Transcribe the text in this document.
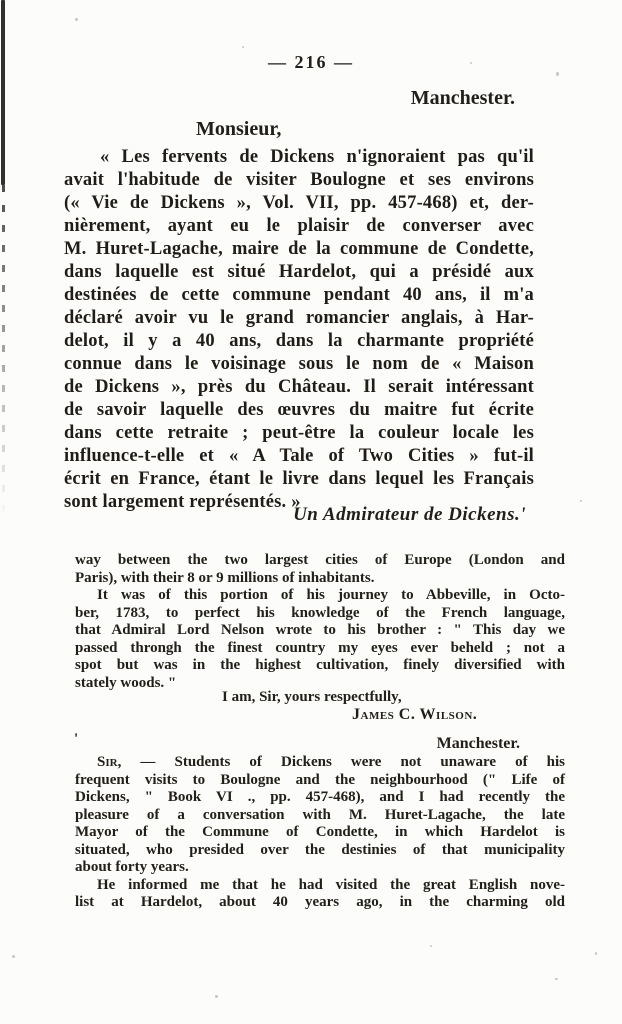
— 216 —
Manchester.
Monsieur,
« Les fervents de Dickens n'ignoraient pas qu'il
avait l'habitude de visiter Boulogne et ses environs
(« Vie de Dickens », Vol. VII, pp. 457-468) et, der-
nièrement, ayant eu le plaisir de converser avec
M. Huret-Lagache, maire de la commune de Condette,
dans laquelle est situé Hardelot, qui a présidé aux
destinées de cette commune pendant 40 ans, il m'a
déclaré avoir vu le grand romancier anglais, à Har-
delot, il y a 40 ans, dans la charmante propriété
connue dans le voisinage sous le nom de « Maison
de Dickens », près du Château. Il serait intéressant
de savoir laquelle des œuvres du maitre fut écrite
dans cette retraite ; peut-être la couleur locale les
influence-t-elle et « A Tale of Two Cities » fut-il
écrit en France, étant le livre dans lequel les Français
sont largement représentés. »
Un Admirateur de Dickens.'
way between the two largest cities of Europe (London and
Paris), with their 8 or 9 millions of inhabitants.
It was of this portion of his journey to Abbeville, in Octo-
ber, 1783, to perfect his knowledge of the French language,
that Admiral Lord Nelson wrote to his brother : " This day we
passed throngh the finest country my eyes ever beheld ; not a
spot but was in the highest cultivation, finely diversified with
stately woods. "
I am, Sir, yours respectfully,
James C. Wilson.
'	Manchester.
Sir, — Students of Dickens were not unaware of his
frequent visits to Boulogne and the neighbourhood (" Life of
Dickens, " Book VI ., pp. 457-468), and I had recently the
pleasure of a conversation with M. Huret-Lagache, the late
Mayor of the Commune of Condette, in which Hardelot is
situated, who presided over the destinies of that municipality
about forty years.
He informed me that he had visited the great English nove-
list at Hardelot, about 40 years ago, in the charming old
